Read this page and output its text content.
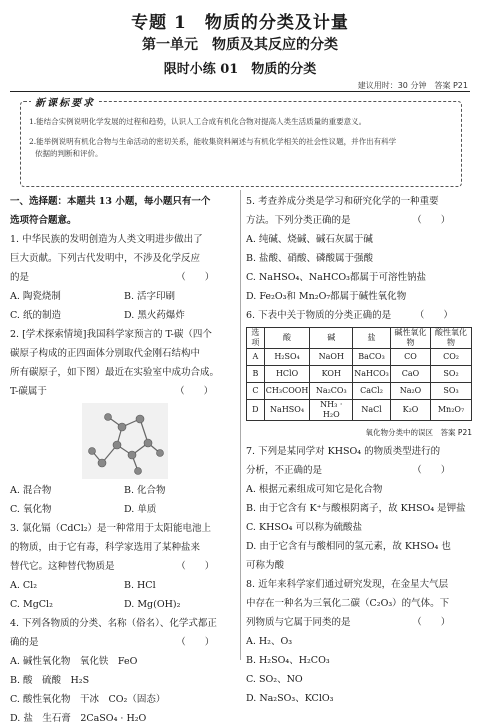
专题 1　物质的分类及计量
第一单元　物质及其反应的分类
限时小练 01　物质的分类
建议用时：30 分钟　答案 P21
新课标要求
1.能结合实例说明化学发展的过程和趋势，认识人工合成有机化合物对提高人类生活质量的重要意义。
2.能举例说明有机化合物与生命活动的密切关系，能收集资料阐述与有机化学相关的社会性议题，并作出有科学
依据的判断和评价。
一、选择题：本题共 13 小题，每小题只有一个
选项符合题意。
1. 中华民族的发明创造为人类文明进步做出了
巨大贡献。下列古代发明中，不涉及化学反应
的是　　　　　　　　　　　　　　　　（　　）
A. 陶瓷烧制	B. 活字印刷
C. 纸的制造	D. 黑火药爆炸
2. [学术探索情境]我国科学家预言的 T-碳（四个
碳原子构成的正四面体分别取代金刚石结构中
所有碳原子，如下图）最近在实验室中成功合成。
T-碳属于　　　　　　　　　　　　　　（　　）
A. 混合物	B. 化合物
C. 氧化物	D. 单质
3. 氯化镉（CdCl₂）是一种常用于太阳能电池上
的物质，由于它有毒，科学家选用了某种盐来
替代它。这种替代物质是　　　　　　　（　　）
A. Cl₂	B. HCl
C. MgCl₂	D. Mg(OH)₂
4. 下列各物质的分类、名称（俗名）、化学式都正
确的是　　　　　　　　　　　　　　　（　　）
A. 碱性氧化物　氧化铁　FeO
B. 酸　硫酸　H₂S
C. 酸性氧化物　干冰　CO₂（固态）
D. 盐　生石膏　2CaSO₄ · H₂O
5. 考查养成分类是学习和研究化学的一种重要
方法。下列分类正确的是　　　　　　　（　　）
A. 纯碱、烧碱、碱石灰属于碱
B. 盐酸、硝酸、磷酸属于强酸
C. NaHSO₄、NaHCO₃都属于可溶性钠盐
D. Fe₂O₃和 Mn₂O₇都属于碱性氧化物
6. 下表中关于物质的分类正确的是　　　（　　）
选项	酸	碱	盐	碱性氧化物	酸性氧化物
A	H₂SO₄	NaOH	BaCO₃	CO	CO₂
B	HClO	KOH	NaHCO₃	CaO	SO₂
C	CH₃COOH	Na₂CO₃	CaCl₂	Na₂O	SO₃
D	NaHSO₄	NH₃ · H₂O	NaCl	K₂O	Mn₂O₇
氧化物分类中的误区　答案 P21
7. 下列是某同学对 KHSO₄ 的物质类型进行的
分析，不正确的是　　　　　　　　　　（　　）
A. 根据元素组成可知它是化合物
B. 由于它含有 K⁺与酸根阴离子，故 KHSO₄ 是钾盐
C. KHSO₄ 可以称为硫酸盐
D. 由于它含有与酸相同的氢元素，故 KHSO₄ 也
可称为酸
8. 近年来科学家们通过研究发现，在金星大气层
中存在一种名为三氧化二碳（C₂O₃）的气体。下
列物质与它属于同类的是　　　　　　　（　　）
A. H₂、O₃
B. H₂SO₄、H₂CO₃
C. SO₂、NO
D. Na₂SO₃、KClO₃
